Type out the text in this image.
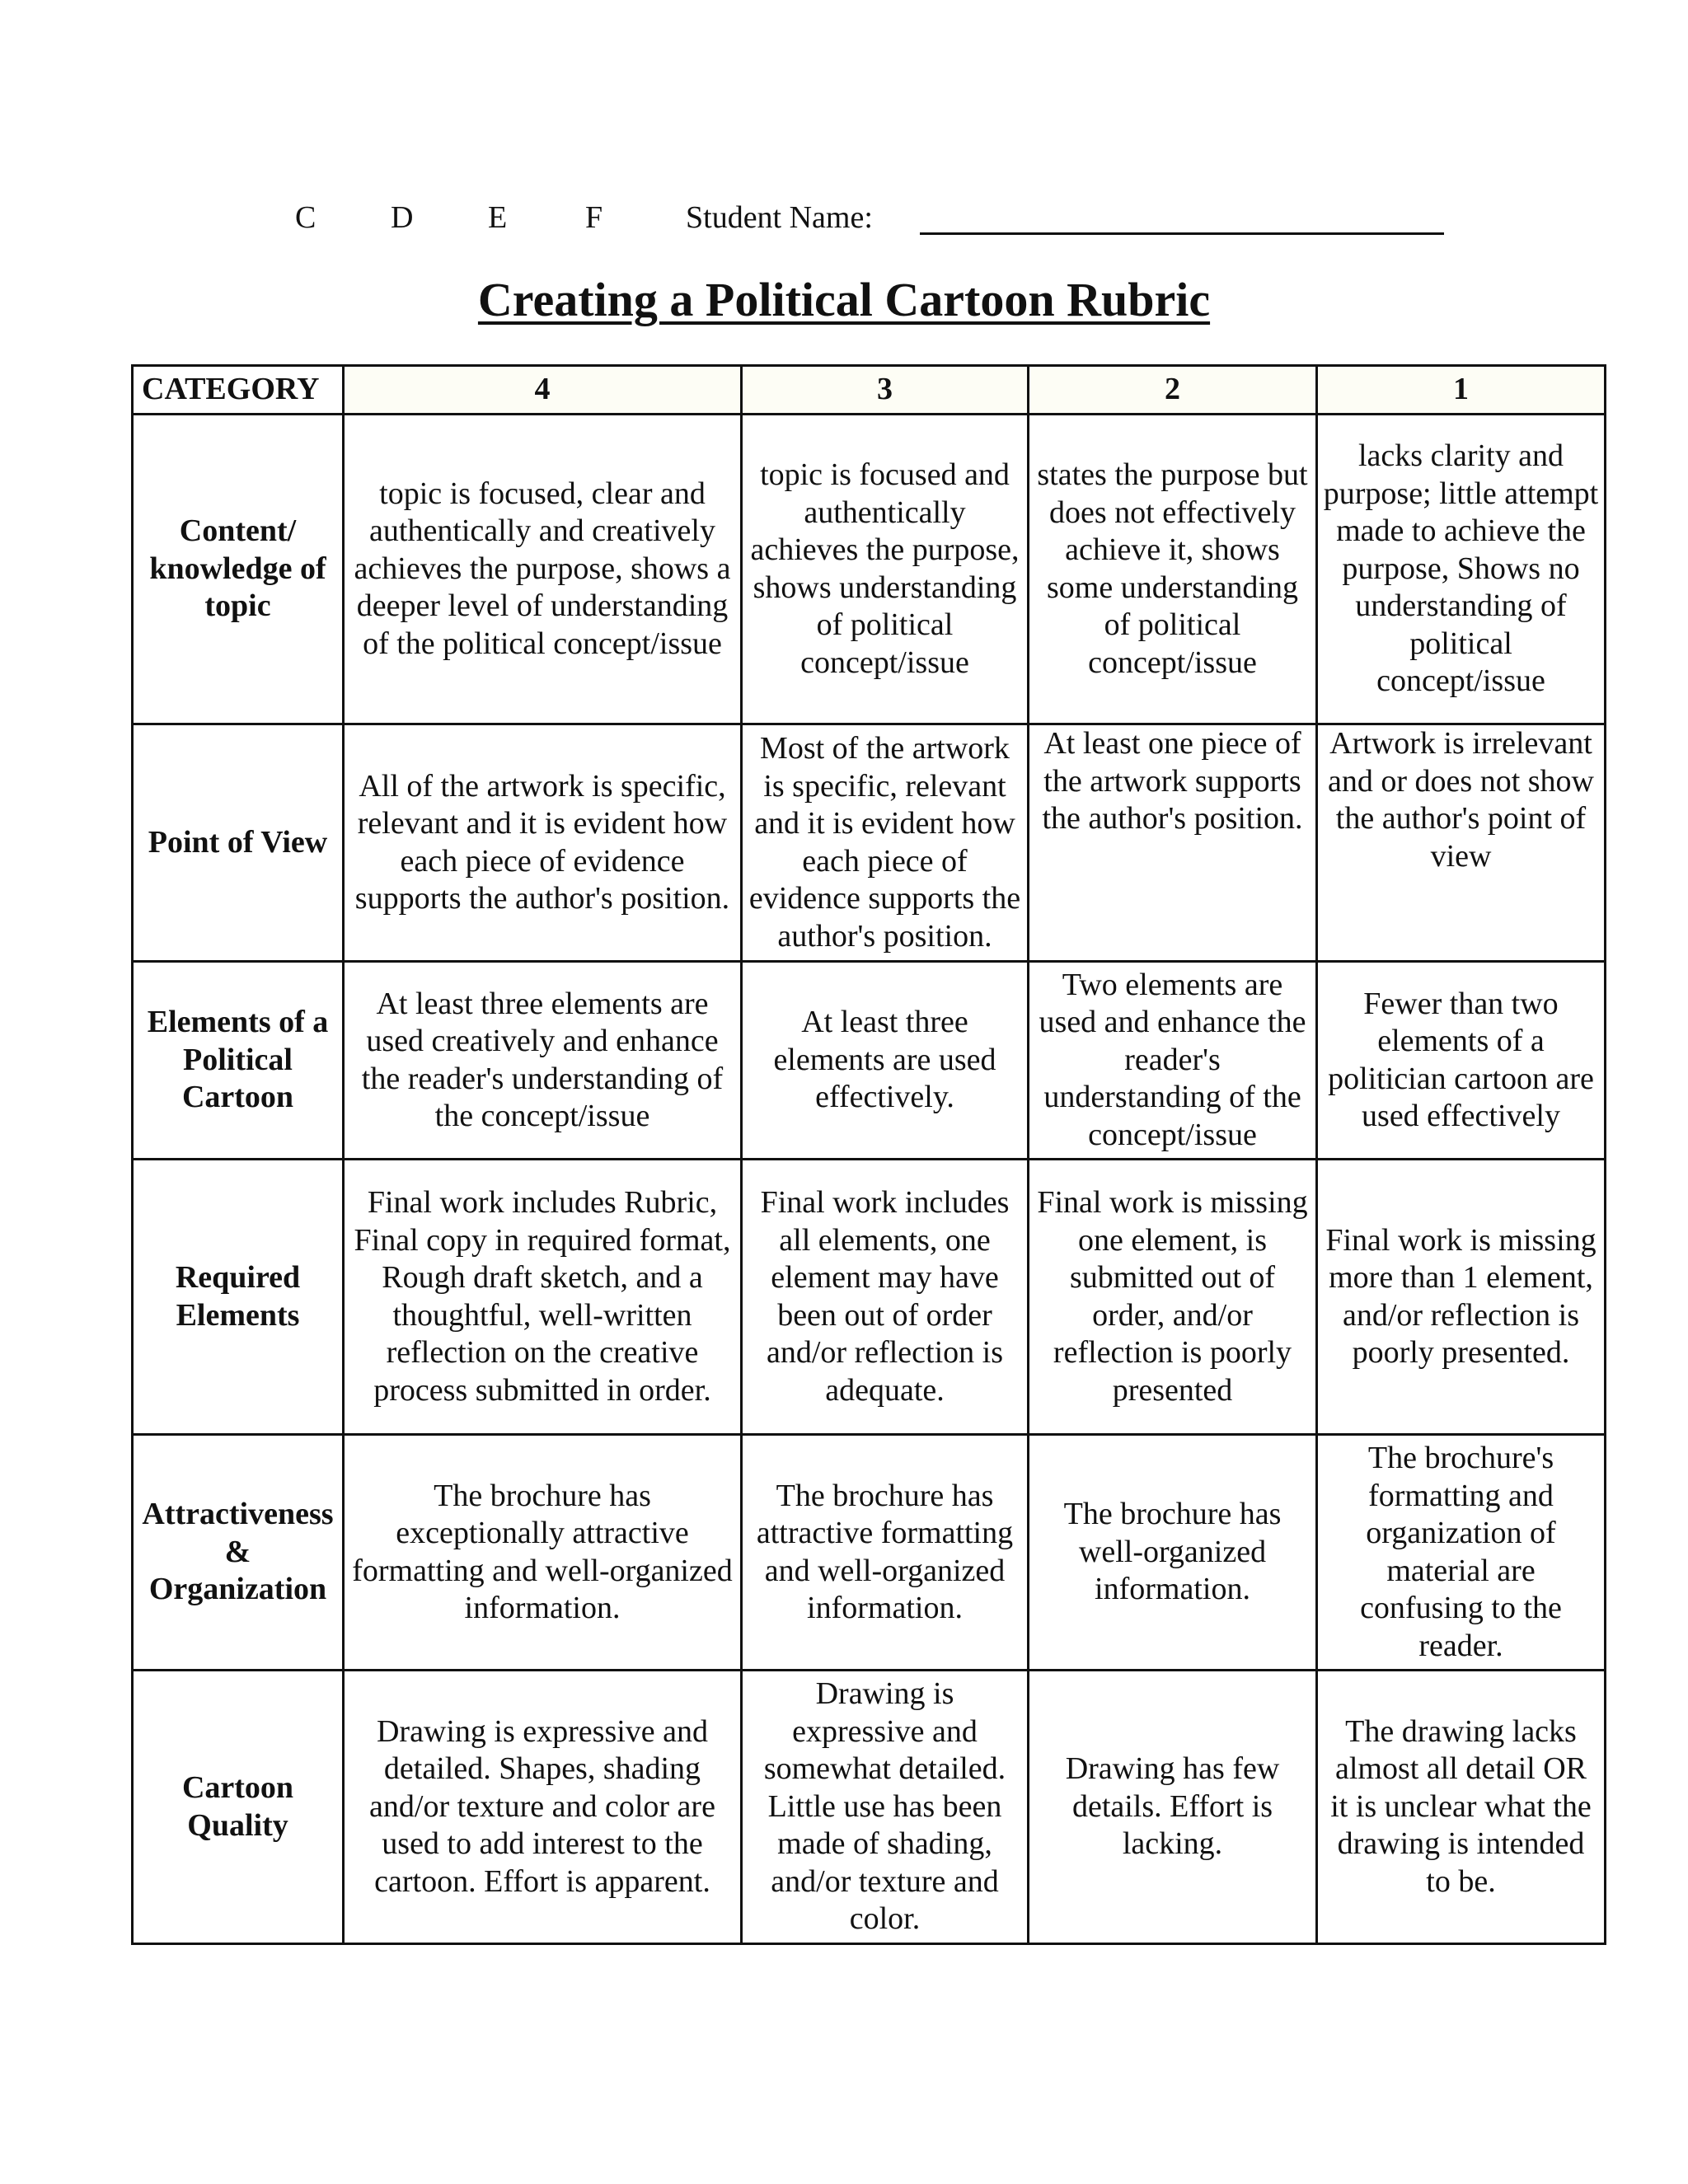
C D E F	Student Name:
Creating a Political Cartoon Rubric
CATEGORY	4	3	2	1
Content/ knowledge of topic	topic is focused, clear and authentically and creatively achieves the purpose, shows a deeper level of understanding of the political concept/issue	topic is focused and authentically achieves the purpose, shows understanding of political concept/issue	states the purpose but does not effectively achieve it, shows some understanding of political concept/issue	lacks clarity and purpose; little attempt made to achieve the purpose, Shows no understanding of political concept/issue
Point of View	All of the artwork is specific, relevant and it is evident how each piece of evidence supports the author's position.	Most of the artwork is specific, relevant and it is evident how each piece of evidence supports the author's position.	At least one piece of the artwork supports the author's position.	Artwork is irrelevant and or does not show the author's point of view
Elements of a Political Cartoon	At least three elements are used creatively and enhance the reader's understanding of the concept/issue	At least three elements are used effectively.	Two elements are used and enhance the reader's understanding of the concept/issue	Fewer than two elements of a politician cartoon are used effectively
Required Elements	Final work includes Rubric, Final copy in required format, Rough draft sketch, and a thoughtful, well-written reflection on the creative process submitted in order.	Final work includes all elements, one element may have been out of order and/or reflection is adequate.	Final work is missing one element, is submitted out of order, and/or reflection is poorly presented	Final work is missing more than 1 element, and/or reflection is poorly presented.
Attractiveness & Organization	The brochure has exceptionally attractive formatting and well-organized information.	The brochure has attractive formatting and well-organized information.	The brochure has well-organized information.	The brochure's formatting and organization of material are confusing to the reader.
Cartoon Quality	Drawing is expressive and detailed. Shapes, shading and/or texture and color are used to add interest to the cartoon. Effort is apparent.	Drawing is expressive and somewhat detailed. Little use has been made of shading, and/or texture and color.	Drawing has few details. Effort is lacking.	The drawing lacks almost all detail OR it is unclear what the drawing is intended to be.
